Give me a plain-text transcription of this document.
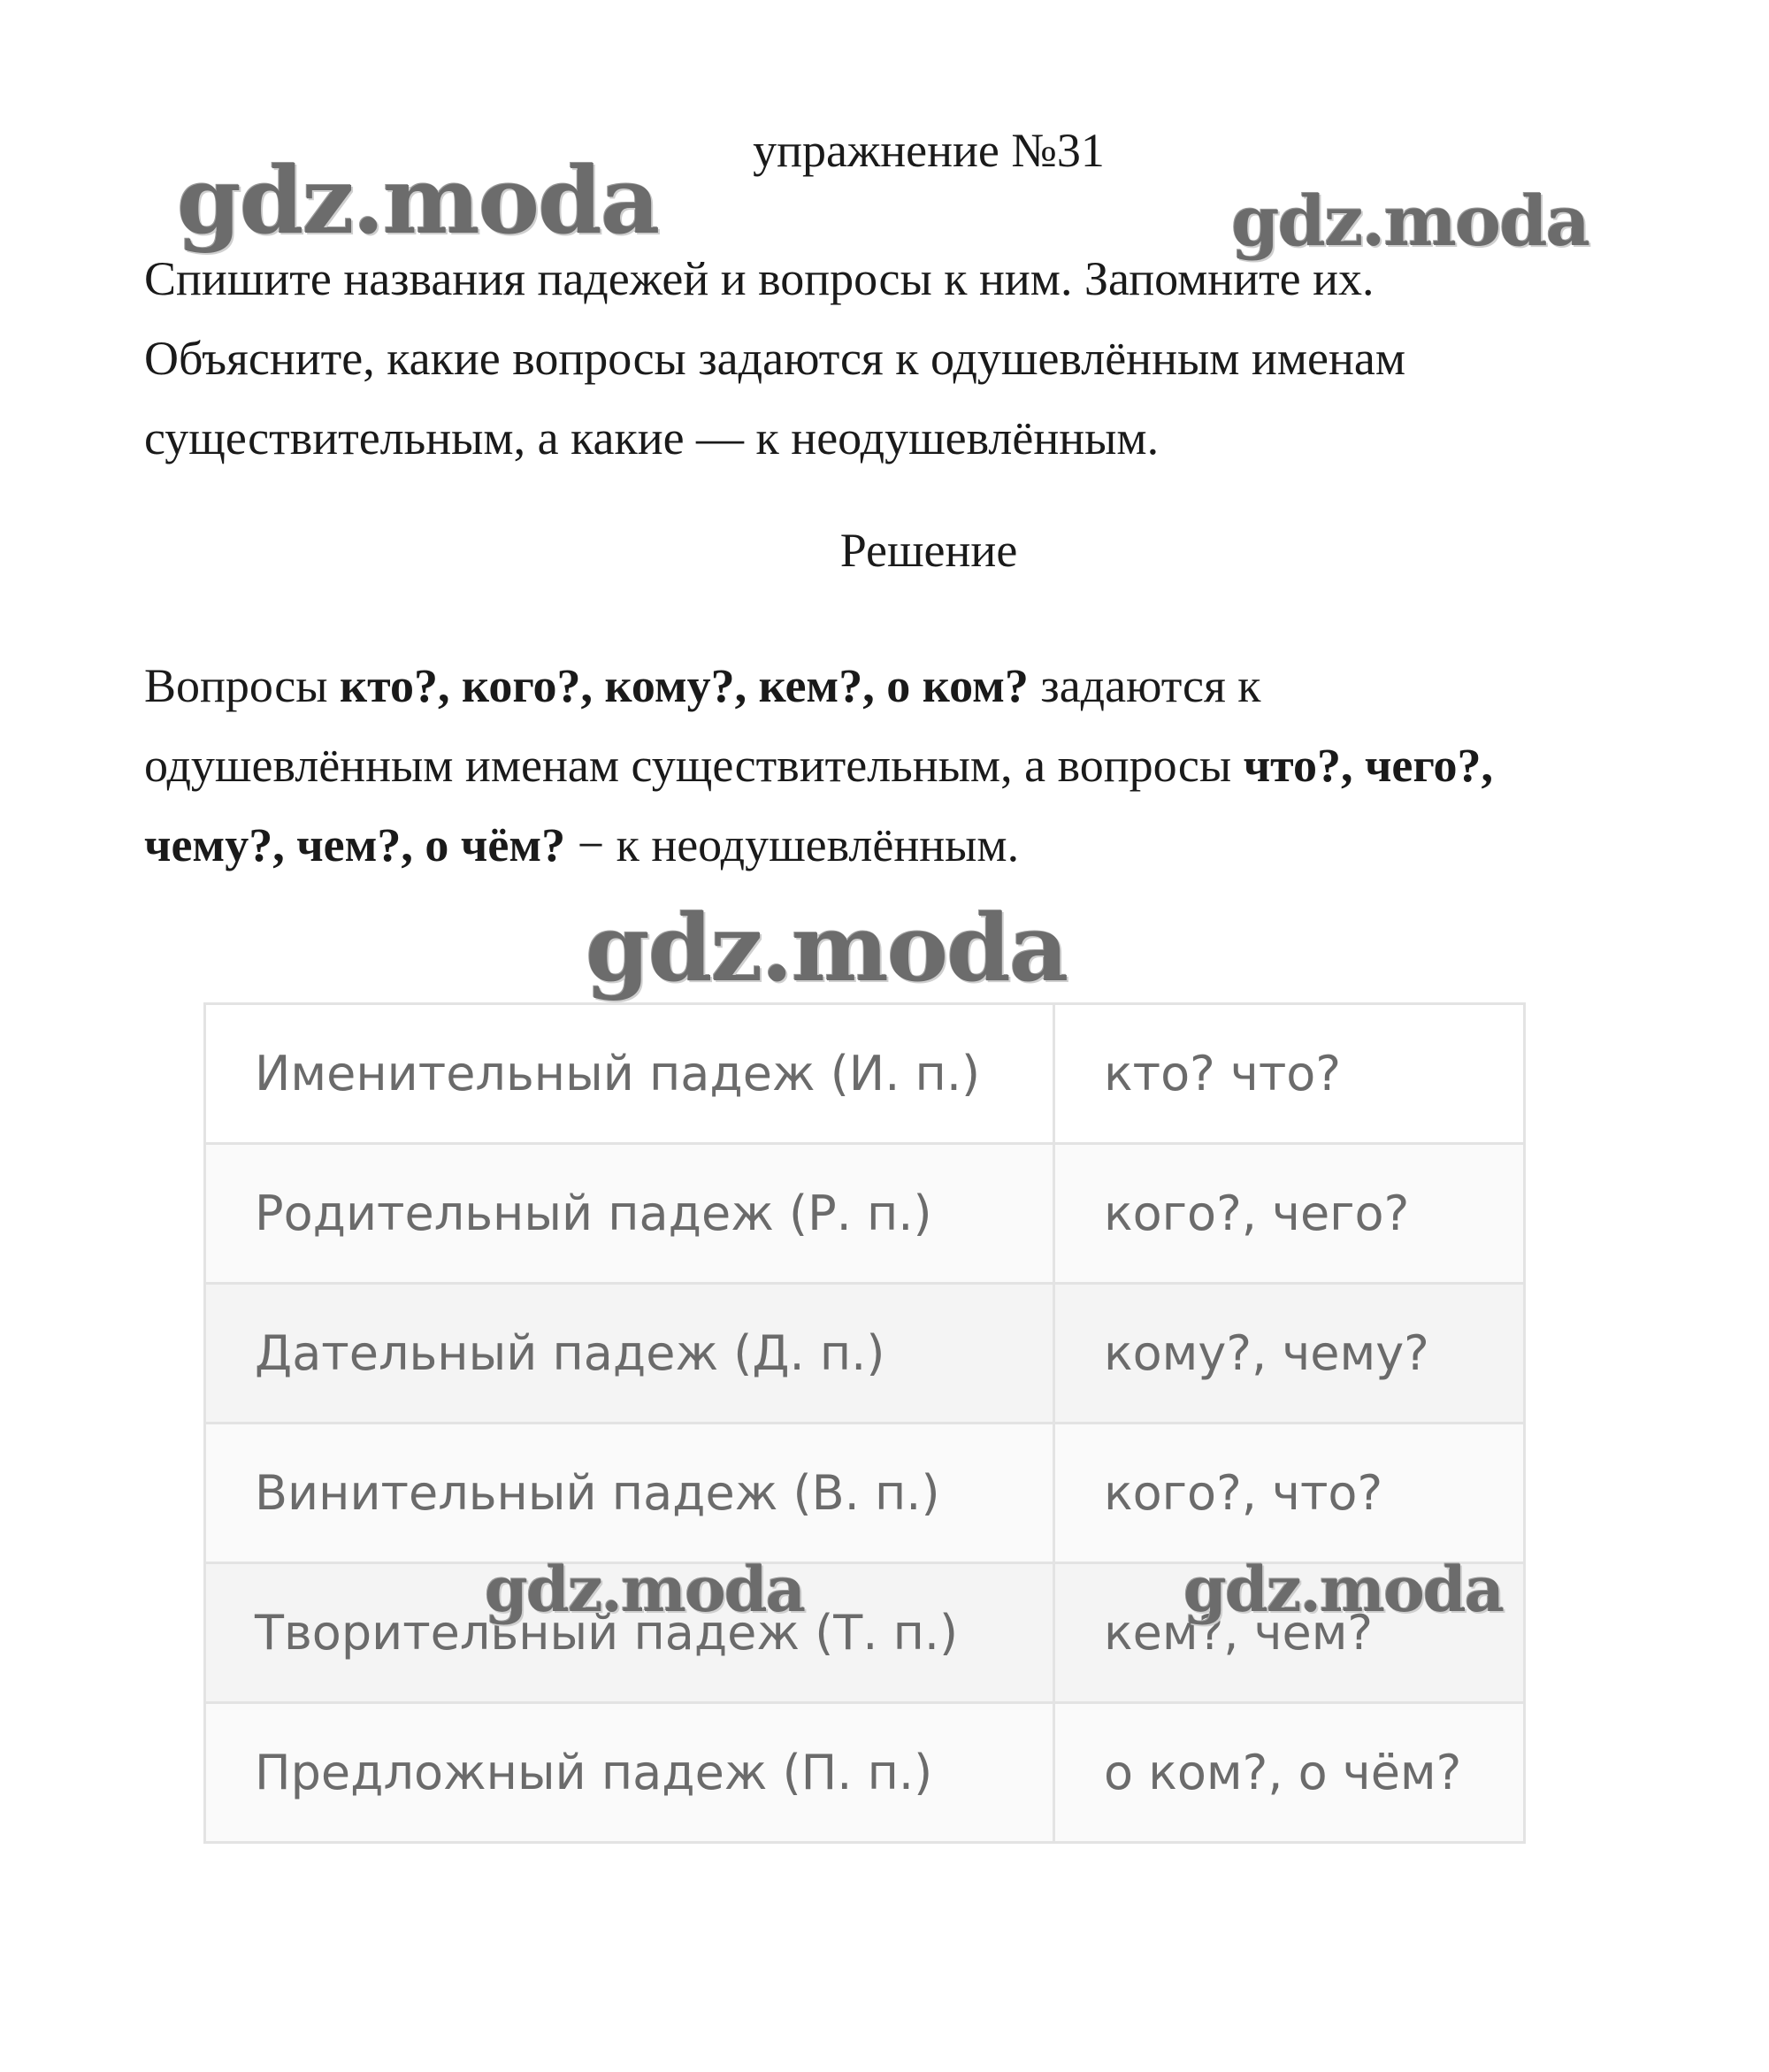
упражнение №31

Спишите названия падежей и вопросы к ним. Запомните их.

Объясните, какие вопросы задаются к одушевлённым именам

существительным, а какие — к неодушевлённым.

Решение

Вопросы кто?, кого?, кому?, кем?, о ком? задаются к

одушевлённым именам существительным, а вопросы что?, чего?,

чему?, чем?, о чём? − к неодушевлённым.

Именительный падеж (И. п.)	кто? что?
Родительный падеж (Р. п.)	кого?, чего?
Дательный падеж (Д. п.)	кому?, чему?
Винительный падеж (В. п.)	кого?, что?
Творительный падеж (Т. п.)	кем?, чем?
Предложный падеж (П. п.)	о ком?, о чём?
gdz.moda	gdz.moda
gdz.moda
gdz.moda	gdz.moda
